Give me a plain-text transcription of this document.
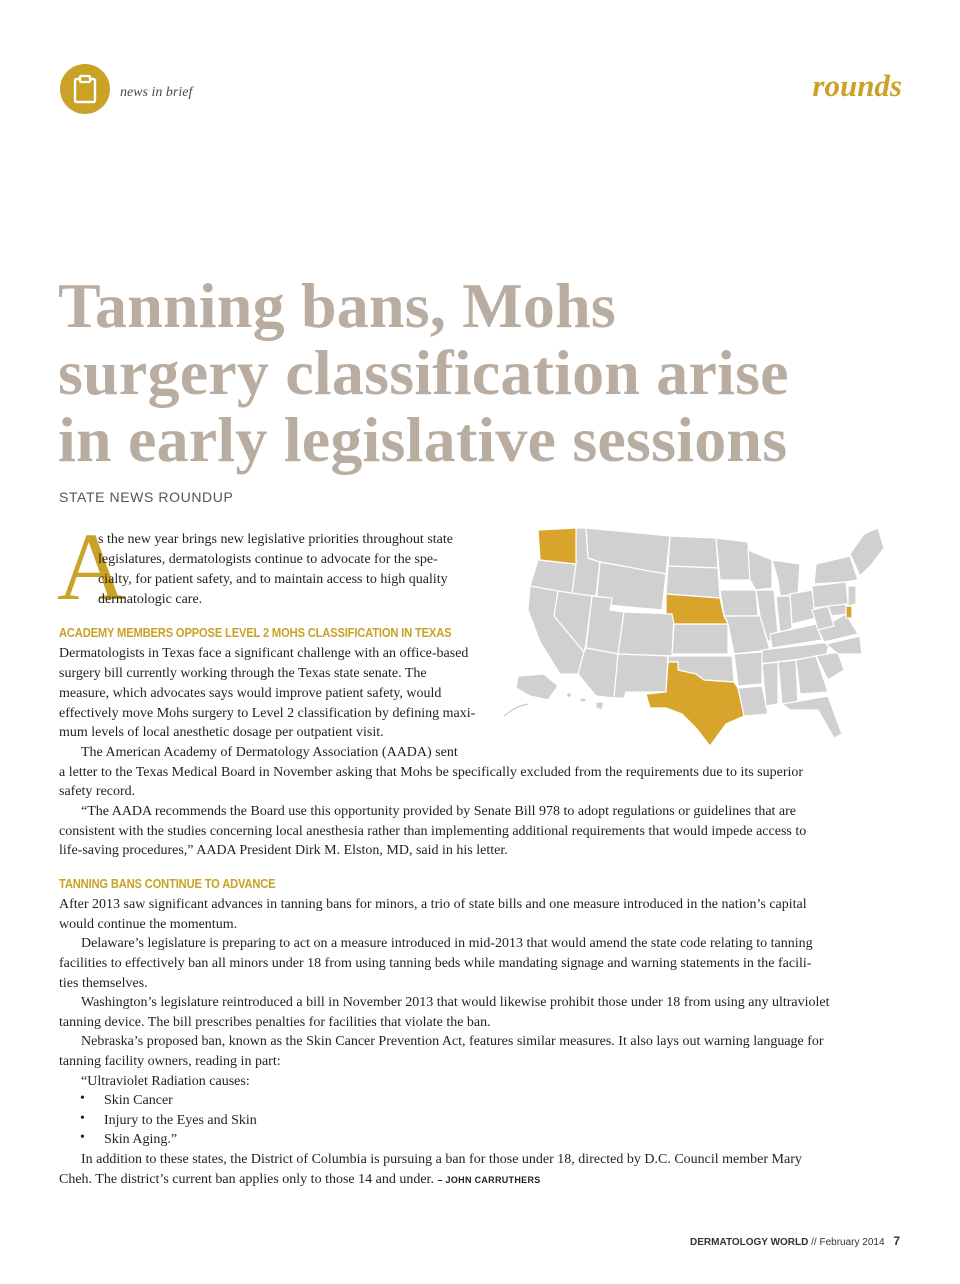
news in brief	rounds
Tanning bans, Mohs
surgery classification arise
in early legislative sessions
STATE NEWS ROUNDUP
A
s the new year brings new legislative priorities throughout state
legislatures, dermatologists continue to advocate for the spe-
cialty, for patient safety, and to maintain access to high quality
dermatologic care.
ACADEMY MEMBERS OPPOSE LEVEL 2 MOHS CLASSIFICATION IN TEXAS
Dermatologists in Texas face a significant challenge with an office-based
surgery bill currently working through the Texas state senate. The
measure, which advocates says would improve patient safety, would
effectively move Mohs surgery to Level 2 classification by defining maxi-
mum levels of local anesthetic dosage per outpatient visit.
The American Academy of Dermatology Association (AADA) sent
a letter to the Texas Medical Board in November asking that Mohs be specifically excluded from the requirements due to its superior
safety record.
“The AADA recommends the Board use this opportunity provided by Senate Bill 978 to adopt regulations or guidelines that are
consistent with the studies concerning local anesthesia rather than implementing additional requirements that would impede access to
life-saving procedures,” AADA President Dirk M. Elston, MD, said in his letter.
TANNING BANS CONTINUE TO ADVANCE
After 2013 saw significant advances in tanning bans for minors, a trio of state bills and one measure introduced in the nation’s capital
would continue the momentum.
Delaware’s legislature is preparing to act on a measure introduced in mid-2013 that would amend the state code relating to tanning
facilities to effectively ban all minors under 18 from using tanning beds while mandating signage and warning statements in the facili-
ties themselves.
Washington’s legislature reintroduced a bill in November 2013 that would likewise prohibit those under 18 from using any ultraviolet
tanning device. The bill prescribes penalties for facilities that violate the ban.
Nebraska’s proposed ban, known as the Skin Cancer Prevention Act, features similar measures. It also lays out warning language for
tanning facility owners, reading in part:
“Ultraviolet Radiation causes:
• Skin Cancer
• Injury to the Eyes and Skin
• Skin Aging.”
In addition to these states, the District of Columbia is pursuing a ban for those under 18, directed by D.C. Council member Mary
Cheh. The district’s current ban applies only to those 14 and under. – JOHN CARRUTHERS
DERMATOLOGY WORLD // February 2014 7
